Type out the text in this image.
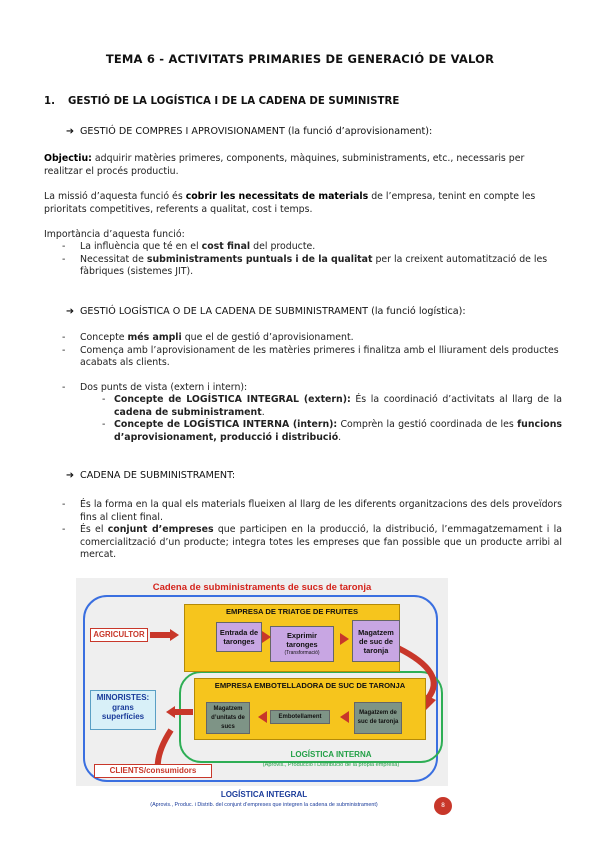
TEMA 6 - ACTIVITATS PRIMARIES DE GENERACIÓ DE VALOR
1. GESTIÓ DE LA LOGÍSTICA I DE LA CADENA DE SUMINISTRE
➔ GESTIÓ DE COMPRES I APROVISIONAMENT (la funció d’aprovisionament):
Objectiu: adquirir matèries primeres, components, màquines, subministraments, etc., necessaris per realitzar el procés productiu.
La missió d’aquesta funció és cobrir les necessitats de materials de l’empresa, tenint en compte les prioritats competitives, referents a qualitat, cost i temps.
Importància d’aquesta funció:
- La influència que té en el cost final del producte.
- Necessitat de subministraments puntuals i de la qualitat per la creixent automatització de les fàbriques (sistemes JIT).
➔ GESTIÓ LOGÍSTICA O DE LA CADENA DE SUBMINISTRAMENT (la funció logística):
- Concepte més ampli que el de gestió d’aprovisionament.
- Comença amb l’aprovisionament de les matèries primeres i finalitza amb el lliurament dels productes acabats als clients.
- Dos punts de vista (extern i intern):
- Concepte de LOGÍSTICA INTEGRAL (extern): És la coordinació d’activitats al llarg de la cadena de subministrament.
- Concepte de LOGÍSTICA INTERNA (intern): Comprèn la gestió coordinada de les funcions d’aprovisionament, producció i distribució.
➔ CADENA DE SUBMINISTRAMENT:
- És la forma en la qual els materials flueixen al llarg de les diferents organitzacions des dels proveïdors fins al client final.
- És el conjunt d’empreses que participen en la producció, la distribució, l’emmagatzemament i la comercialització d’un producte; integra totes les empreses que fan possible que un producte arribi al mercat.
Cadena de subministraments de sucs de taronja
EMPRESA DE TRIATGE DE FRUITES
Entrada de taronges
Exprimir taronges
(Transformació)
Magatzem de suc de taronja
AGRICULTOR
EMPRESA EMBOTELLADORA DE SUC DE TARONJA
Magatzem d’unitats de sucs
Embotellament
Magatzem de suc de taronja
MINORISTES: grans superfícies
CLIENTS/consumidors
LOGÍSTICA INTERNA
(Aprovis., Producció i Distribució de la propia empresa)
LOGÍSTICA INTEGRAL
(Aprovis., Produc. i Distrib. del conjunt d’empreses que integren la cadena de subministrament)	8
